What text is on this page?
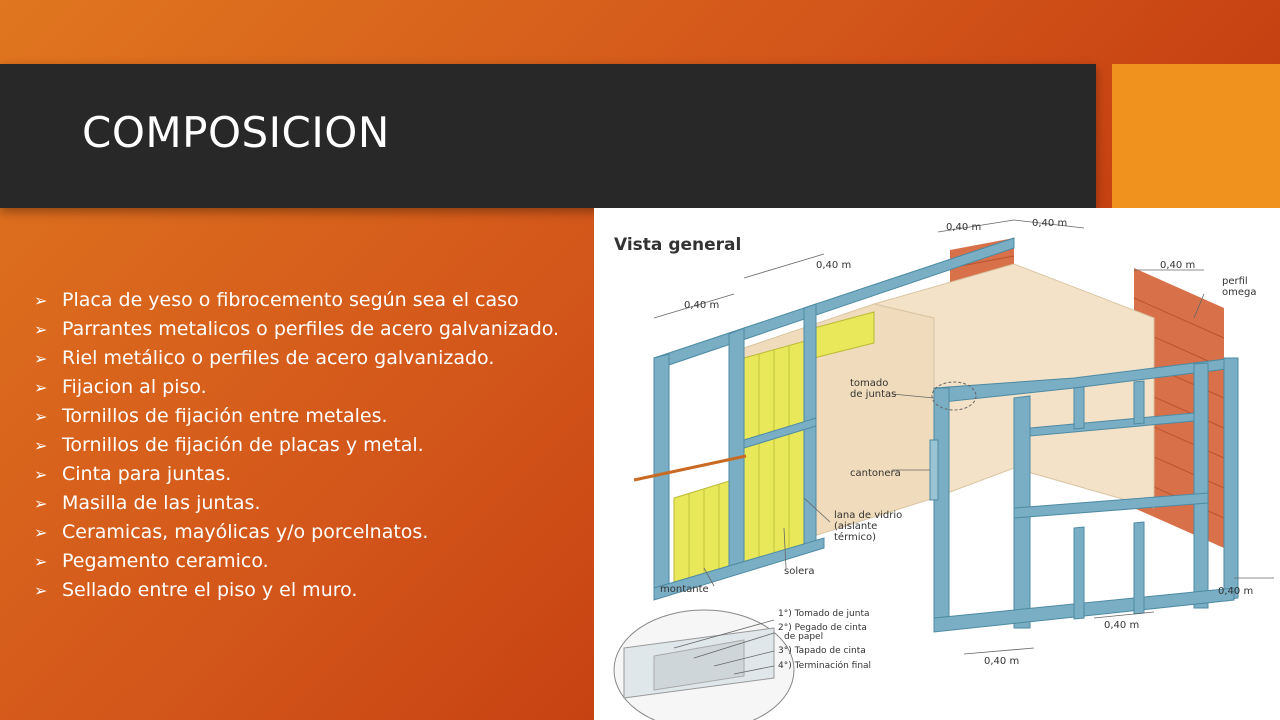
COMPOSICION
➢ Placa de yeso o fibrocemento según sea el caso
➢ Parrantes metalicos o perfiles de acero galvanizado.
➢ Riel metálico o perfiles de acero galvanizado.
➢ Fijacion al piso.
➢ Tornillos de fijación entre metales.
➢ Tornillos de fijación de placas y metal.
➢ Cinta para juntas.
➢ Masilla de las juntas.
➢ Ceramicas, mayólicas y/o porcelnatos.
➢ Pegamento ceramico.
➢ Sellado entre el piso y el muro.
Vista general
0,40 m
0,40 m
0,40 m	0,40 m
0,40 m
0,40 m
0,40 m
0,40 m
perfil
omega
tomado
de juntas
cantonera
lana de vidrio
(aislante
térmico)
solera
montante
1°) Tomado de junta
2°) Pegado de cinta
de papel
3°) Tapado de cinta
4°) Terminación final
